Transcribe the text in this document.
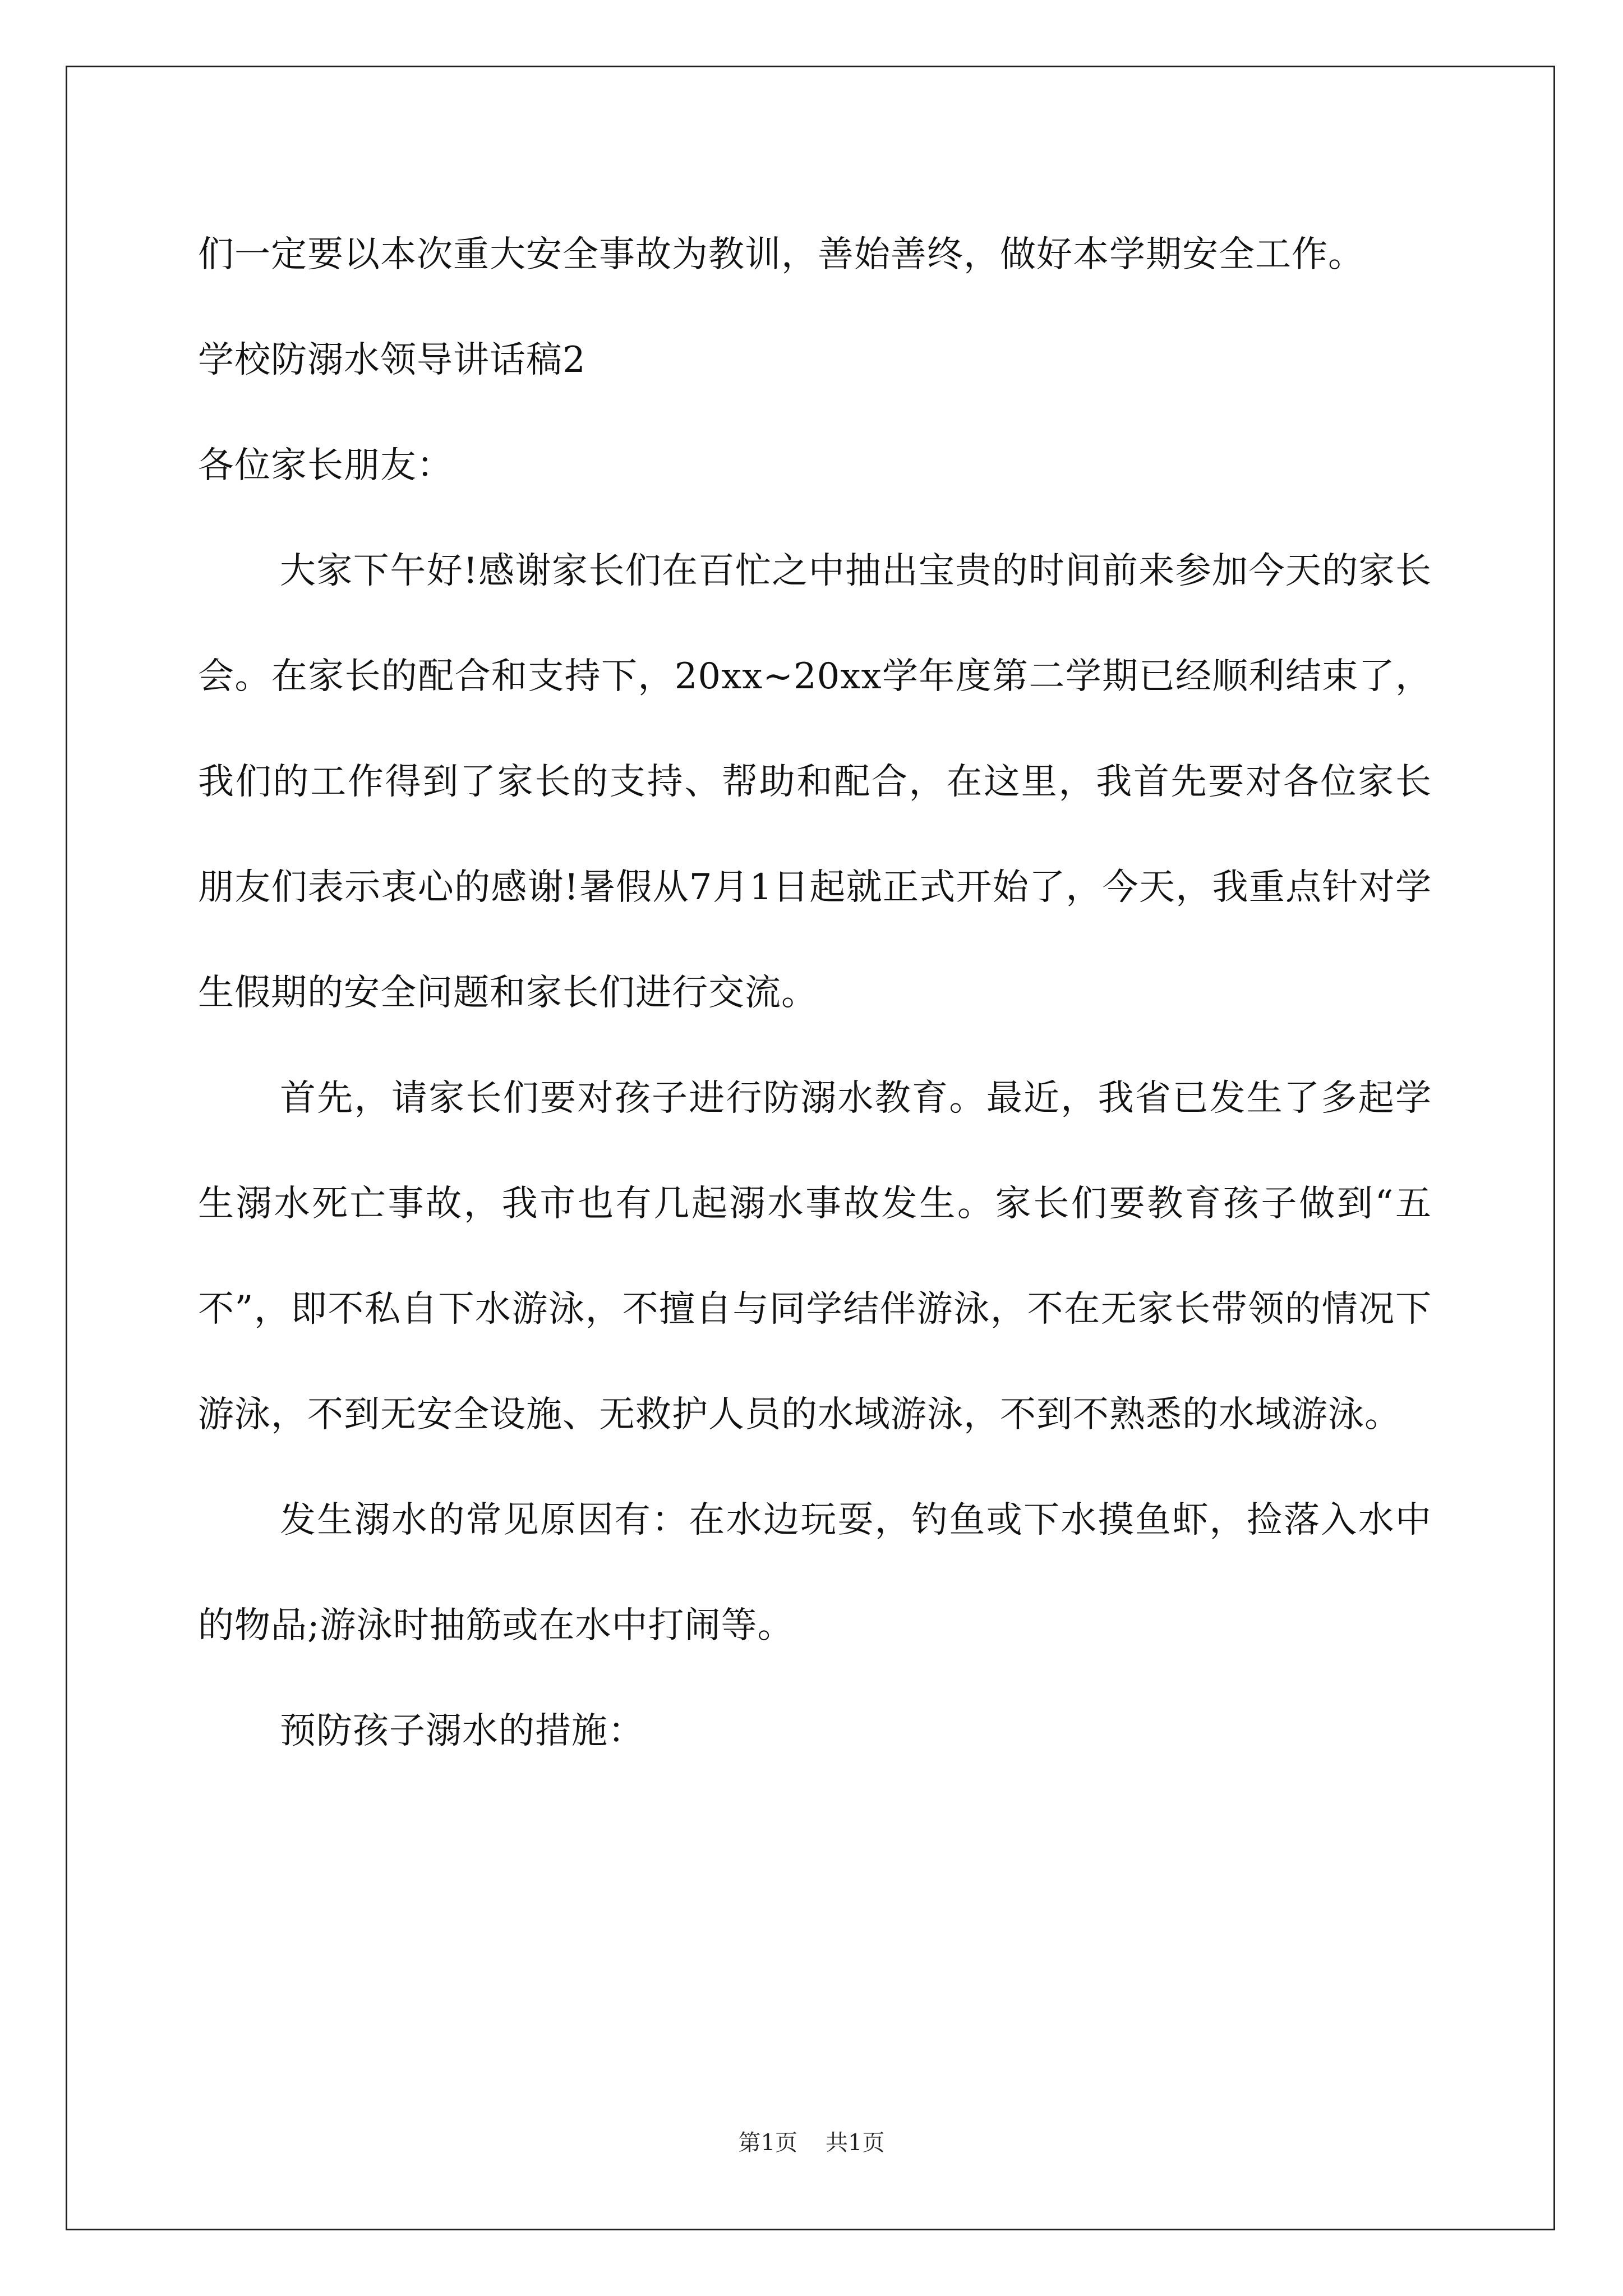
们一定要以本次重大安全事故为教训，善始善终，做好本学期安全工作。

学校防溺水领导讲话稿2

各位家长朋友：

大家下午好!感谢家长们在百忙之中抽出宝贵的时间前来参加今天的家长会。在家长的配合和支持下，20xx~20xx学年度第二学期已经顺利结束了，我们的工作得到了家长的支持、帮助和配合，在这里，我首先要对各位家长朋友们表示衷心的感谢!暑假从7月1日起就正式开始了，今天，我重点针对学生假期的安全问题和家长们进行交流。

首先，请家长们要对孩子进行防溺水教育。最近，我省已发生了多起学生溺水死亡事故，我市也有几起溺水事故发生。家长们要教育孩子做到“五不”，即不私自下水游泳，不擅自与同学结伴游泳，不在无家长带领的情况下游泳，不到无安全设施、无救护人员的水域游泳，不到不熟悉的水域游泳。

发生溺水的常见原因有：在水边玩耍，钓鱼或下水摸鱼虾，捡落入水中的物品;游泳时抽筋或在水中打闹等。

预防孩子溺水的措施：

第1页 共1页
